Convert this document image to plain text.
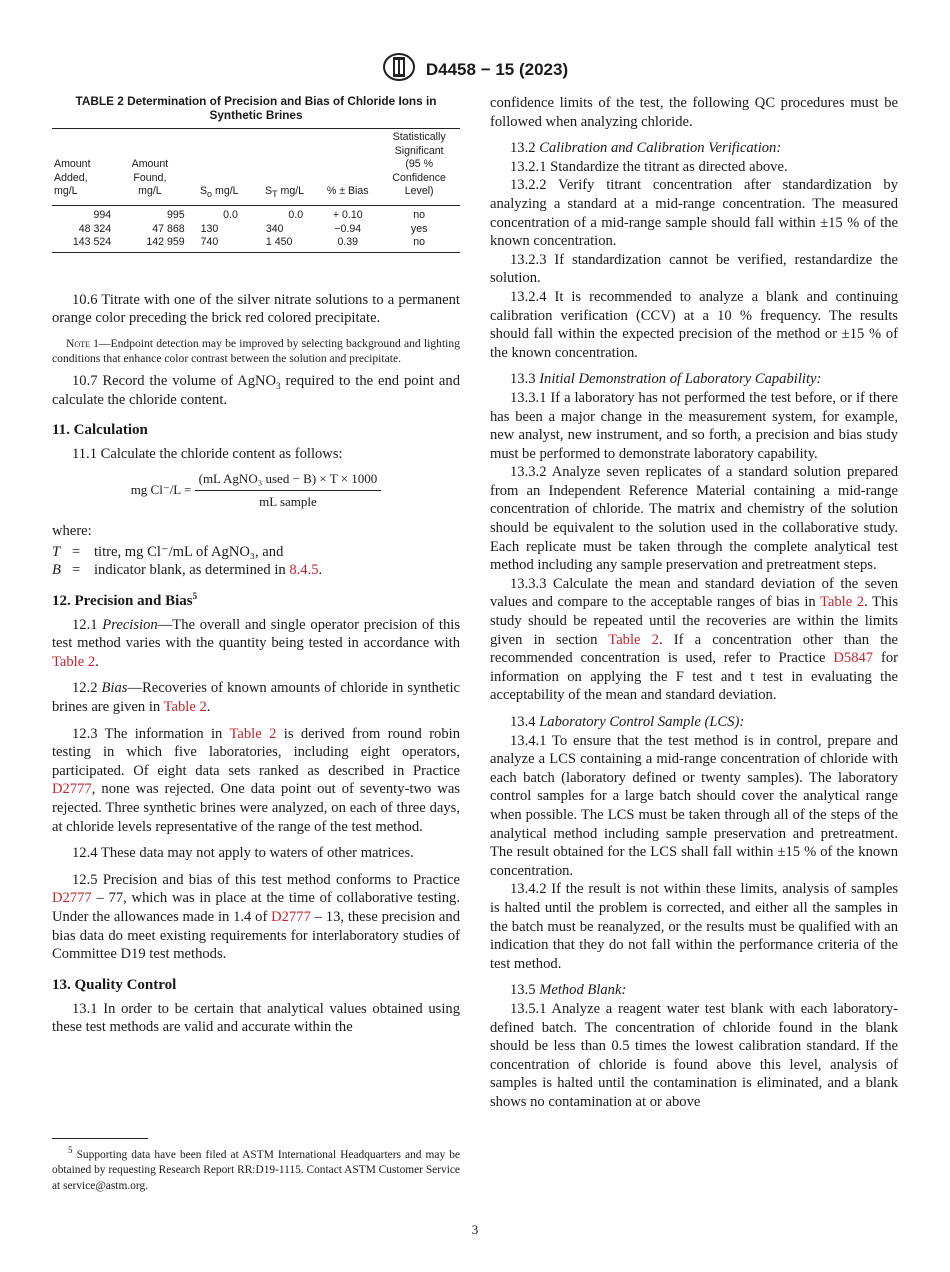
D4458 − 15 (2023)
TABLE 2 Determination of Precision and Bias of Chloride Ions in Synthetic Brines
Amount
Added,
mg/L	Amount
Found,
mg/L	$S_o$ mg/L	$S_T$ mg/L	% ± Bias	Statistically
Significant
(95 %
Confidence
Level)
994	995	0.0	0.0	+ 0.10	no
48 324	47 868	130	340	−0.94	yes
143 524	142 959	740	1 450	0.39	no

10.6 Titrate with one of the silver nitrate solutions to a permanent orange color preceding the brick red colored precipitate.

Note 1—Endpoint detection may be improved by selecting background and lighting conditions that enhance color contrast between the solution and precipitate.

10.7 Record the volume of AgNO$_3$ required to the end point and calculate the chloride content.

11. Calculation

11.1 Calculate the chloride content as follows:

mg $Cl^-/L = \frac{\text{(mL AgNO₃ used − B) × T × 1000}}{\text{mL sample}}$

where:

T = titre, mg Cl⁻/mL of AgNO₃, and
B = indicator blank, as determined in 8.4.5.
12. Precision and Bias$^5$

12.1 Precision—The overall and single operator precision of this test method varies with the quantity being tested in accordance with Table 2.

12.2 Bias—Recoveries of known amounts of chloride in synthetic brines are given in Table 2.

12.3 The information in Table 2 is derived from round robin testing in which five laboratories, including eight operators, participated. Of eight data sets ranked as described in Practice D2777, none was rejected. One data point out of seventy-two was rejected. Three synthetic brines were analyzed, on each of three days, at chloride levels representative of the range of the test method.

12.4 These data may not apply to waters of other matrices.

12.5 Precision and bias of this test method conforms to Practice D2777 – 77, which was in place at the time of collaborative testing. Under the allowances made in 1.4 of D2777 – 13, these precision and bias data do meet existing requirements for interlaboratory studies of Committee D19 test methods.

13. Quality Control

13.1 In order to be certain that analytical values obtained using these test methods are valid and accurate within the

confidence limits of the test, the following QC procedures must be followed when analyzing chloride.

13.2 Calibration and Calibration Verification:

13.2.1 Standardize the titrant as directed above.

13.2.2 Verify titrant concentration after standardization by analyzing a standard at a mid-range concentration. The measured concentration of a mid-range sample should fall within ±15 % of the known concentration.

13.2.3 If standardization cannot be verified, restandardize the solution.

13.2.4 It is recommended to analyze a blank and continuing calibration verification (CCV) at a 10 % frequency. The results should fall within the expected precision of the method or ±15 % of the known concentration.

13.3 Initial Demonstration of Laboratory Capability:

13.3.1 If a laboratory has not performed the test before, or if there has been a major change in the measurement system, for example, new analyst, new instrument, and so forth, a precision and bias study must be performed to demonstrate laboratory capability.

13.3.2 Analyze seven replicates of a standard solution prepared from an Independent Reference Material containing a mid-range concentration of chloride. The matrix and chemistry of the solution should be equivalent to the solution used in the collaborative study. Each replicate must be taken through the complete analytical test method including any sample preservation and pretreatment steps.

13.3.3 Calculate the mean and standard deviation of the seven values and compare to the acceptable ranges of bias in Table 2. This study should be repeated until the recoveries are within the limits given in section Table 2. If a concentration other than the recommended concentration is used, refer to Practice D5847 for information on applying the F test and t test in evaluating the acceptability of the mean and standard deviation.

13.4 Laboratory Control Sample (LCS):

13.4.1 To ensure that the test method is in control, prepare and analyze a LCS containing a mid-range concentration of chloride with each batch (laboratory defined or twenty samples). The laboratory control samples for a large batch should cover the analytical range when possible. The LCS must be taken through all of the steps of the analytical method including sample preservation and pretreatment. The result obtained for the LCS shall fall within ±15 % of the known concentration.

13.4.2 If the result is not within these limits, analysis of samples is halted until the problem is corrected, and either all the samples in the batch must be reanalyzed, or the results must be qualified with an indication that they do not fall within the performance criteria of the test method.

13.5 Method Blank:

13.5.1 Analyze a reagent water test blank with each laboratory-defined batch. The concentration of chloride found in the blank should be less than 0.5 times the lowest calibration standard. If the concentration of chloride is found above this level, analysis of samples is halted until the contamination is eliminated, and a blank shows no contamination at or above

$^5$ Supporting data have been filed at ASTM International Headquarters and may be obtained by requesting Research Report RR:D19-1115. Contact ASTM Customer Service at service@astm.org.
3
